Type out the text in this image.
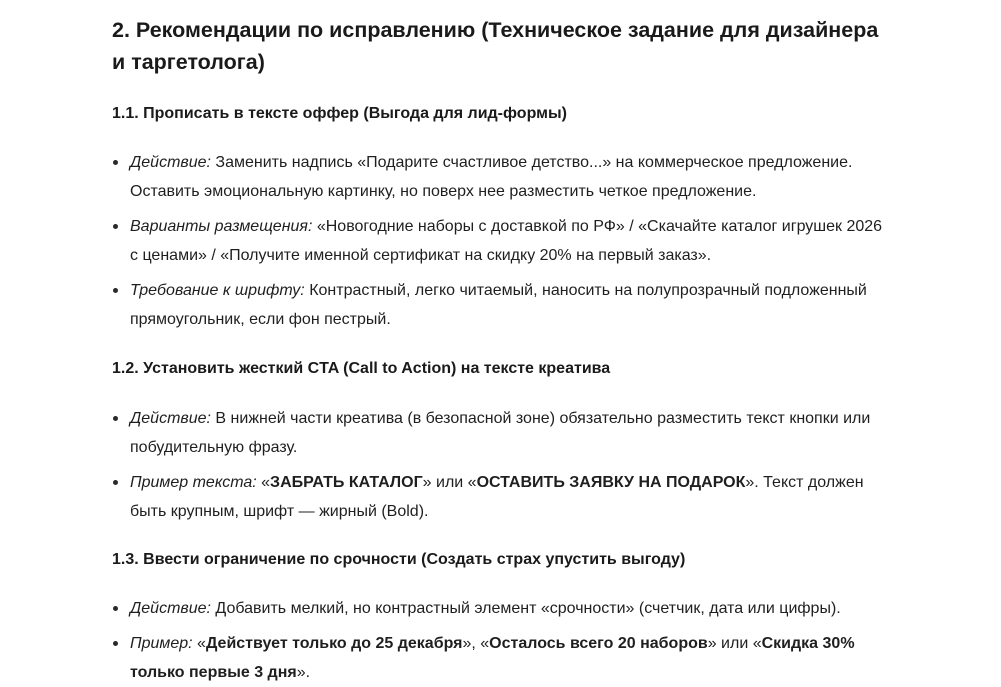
2. Рекомендации по исправлению (Техническое задание для дизайнера и таргетолога)
1.1. Прописать в тексте оффер (Выгода для лид-формы)
Действие: Заменить надпись «Подарите счастливое детство...» на коммерческое предложение. Оставить эмоциональную картинку, но поверх нее разместить четкое предложение.
Варианты размещения: «Новогодние наборы с доставкой по РФ» / «Скачайте каталог игрушек 2026 с ценами» / «Получите именной сертификат на скидку 20% на первый заказ».
Требование к шрифту: Контрастный, легко читаемый, наносить на полупрозрачный подложенный прямоугольник, если фон пестрый.
1.2. Установить жесткий CTA (Call to Action) на тексте креатива
Действие: В нижней части креатива (в безопасной зоне) обязательно разместить текст кнопки или побудительную фразу.
Пример текста: «ЗАБРАТЬ КАТАЛОГ» или «ОСТАВИТЬ ЗАЯВКУ НА ПОДАРОК». Текст должен быть крупным, шрифт — жирный (Bold).
1.3. Ввести ограничение по срочности (Создать страх упустить выгоду)
Действие: Добавить мелкий, но контрастный элемент «срочности» (счетчик, дата или цифры).
Пример: «Действует только до 25 декабря», «Осталось всего 20 наборов» или «Скидка 30% только первые 3 дня».
